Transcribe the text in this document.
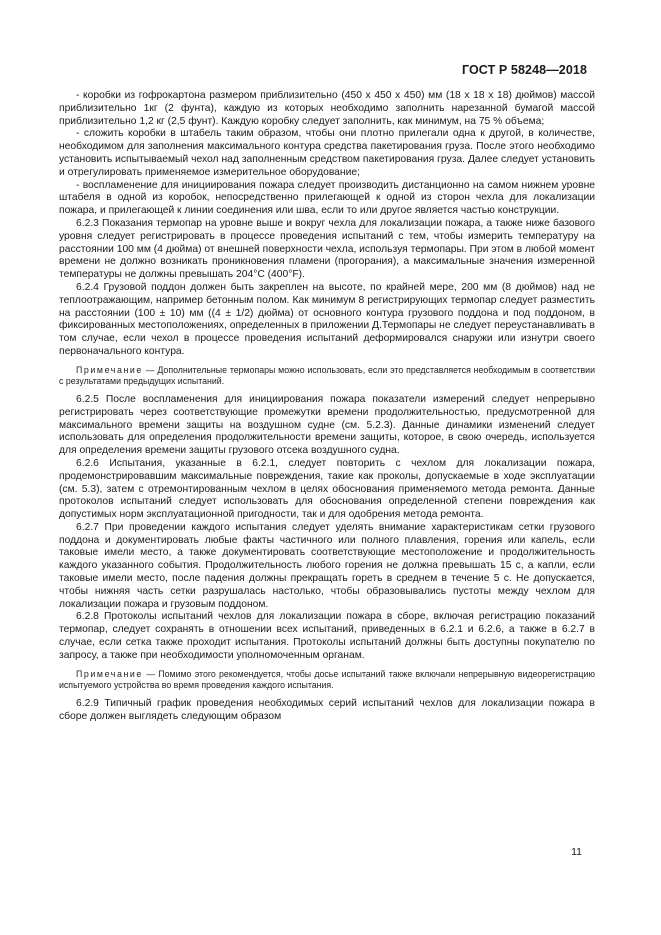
ГОСТ Р 58248—2018

- коробки из гофрокартона размером приблизительно (450 x 450 x 450) мм (18 x 18 x 18) дюймов) массой приблизительно 1кг (2 фунта), каждую из которых необходимо заполнить нарезанной бумагой массой приблизительно 1,2 кг (2,5 фунт). Каждую коробку следует заполнить, как минимум, на 75 % объема;

- сложить коробки в штабель таким образом, чтобы они плотно прилегали одна к другой, в количестве, необходимом для заполнения максимального контура средства пакетирования груза. После этого необходимо установить испытываемый чехол над заполненным средством пакетирования груза. Далее следует установить и отрегулировать применяемое измерительное оборудование;

- воспламенение для инициирования пожара следует производить дистанционно на самом нижнем уровне штабеля в одной из коробок, непосредственно прилегающей к одной из сторон чехла для локализации пожара, и прилегающей к линии соединения или шва, если то или другое является частью конструкции.

6.2.3 Показания термопар на уровне выше и вокруг чехла для локализации пожара, а также ниже базового уровня следует регистрировать в процессе проведения испытаний с тем, чтобы измерить температуру на расстоянии 100 мм (4 дюйма) от внешней поверхности чехла, используя термопары. При этом в любой момент времени не должно возникать проникновения пламени (прогорания), а максимальные значения измеренной температуры не должны превышать 204°С (400°F).

6.2.4 Грузовой поддон должен быть закреплен на высоте, по крайней мере, 200 мм (8 дюймов) над не теплоотражающим, например бетонным полом. Как минимум 8 регистрирующих термопар следует разместить на расстоянии (100 ± 10) мм ((4 ± 1/2) дюйма) от основного контура грузового поддона и под поддоном, в фиксированных местоположениях, определенных в приложении Д.Термопары не следует переустанавливать в том случае, если чехол в процессе проведения испытаний деформировался снаружи или изнутри своего первоначального контура.

Примечание — Дополнительные термопары можно использовать, если это представляется необходимым в соответствии с результатами предыдущих испытаний.

6.2.5 После воспламенения для инициирования пожара показатели измерений следует непрерывно регистрировать через соответствующие промежутки времени продолжительностью, предусмотренной для максимального времени защиты на воздушном судне (см. 5.2.3). Данные динамики изменений следует использовать для определения продолжительности времени защиты, которое, в свою очередь, используется для определения времени защиты грузового отсека воздушного судна.

6.2.6 Испытания, указанные в 6.2.1, следует повторить с чехлом для локализации пожара, продемонстрировавшим максимальные повреждения, такие как проколы, допускаемые в ходе эксплуатации (см. 5.3), затем с отремонтированным чехлом в целях обоснования применяемого метода ремонта. Данные протоколов испытаний следует использовать для обоснования определенной степени повреждения как допустимых норм эксплуатационной пригодности, так и для одобрения метода ремонта.

6.2.7 При проведении каждого испытания следует уделять внимание характеристикам сетки грузового поддона и документировать любые факты частичного или полного плавления, горения или капель, если таковые имели место, а также документировать соответствующие местоположение и продолжительность каждого указанного события. Продолжительность любого горения не должна превышать 15 с, а капли, если таковые имели место, после падения должны прекращать гореть в среднем в течение 5 с. Не допускается, чтобы нижняя часть сетки разрушалась настолько, чтобы образовывались пустоты между чехлом для локализации пожара и грузовым поддоном.

6.2.8 Протоколы испытаний чехлов для локализации пожара в сборе, включая регистрацию показаний термопар, следует сохранять в отношении всех испытаний, приведенных в 6.2.1 и 6.2.6, а также в 6.2.7 в случае, если сетка также проходит испытания. Протоколы испытаний должны быть доступны покупателю по запросу, а также при необходимости уполномоченным органам.

Примечание — Помимо этого рекомендуется, чтобы досье испытаний также включали непрерывную видеорегистрацию испытуемого устройства во время проведения каждого испытания.

6.2.9 Типичный график проведения необходимых серий испытаний чехлов для локализации пожара в сборе должен выглядеть следующим образом

11
